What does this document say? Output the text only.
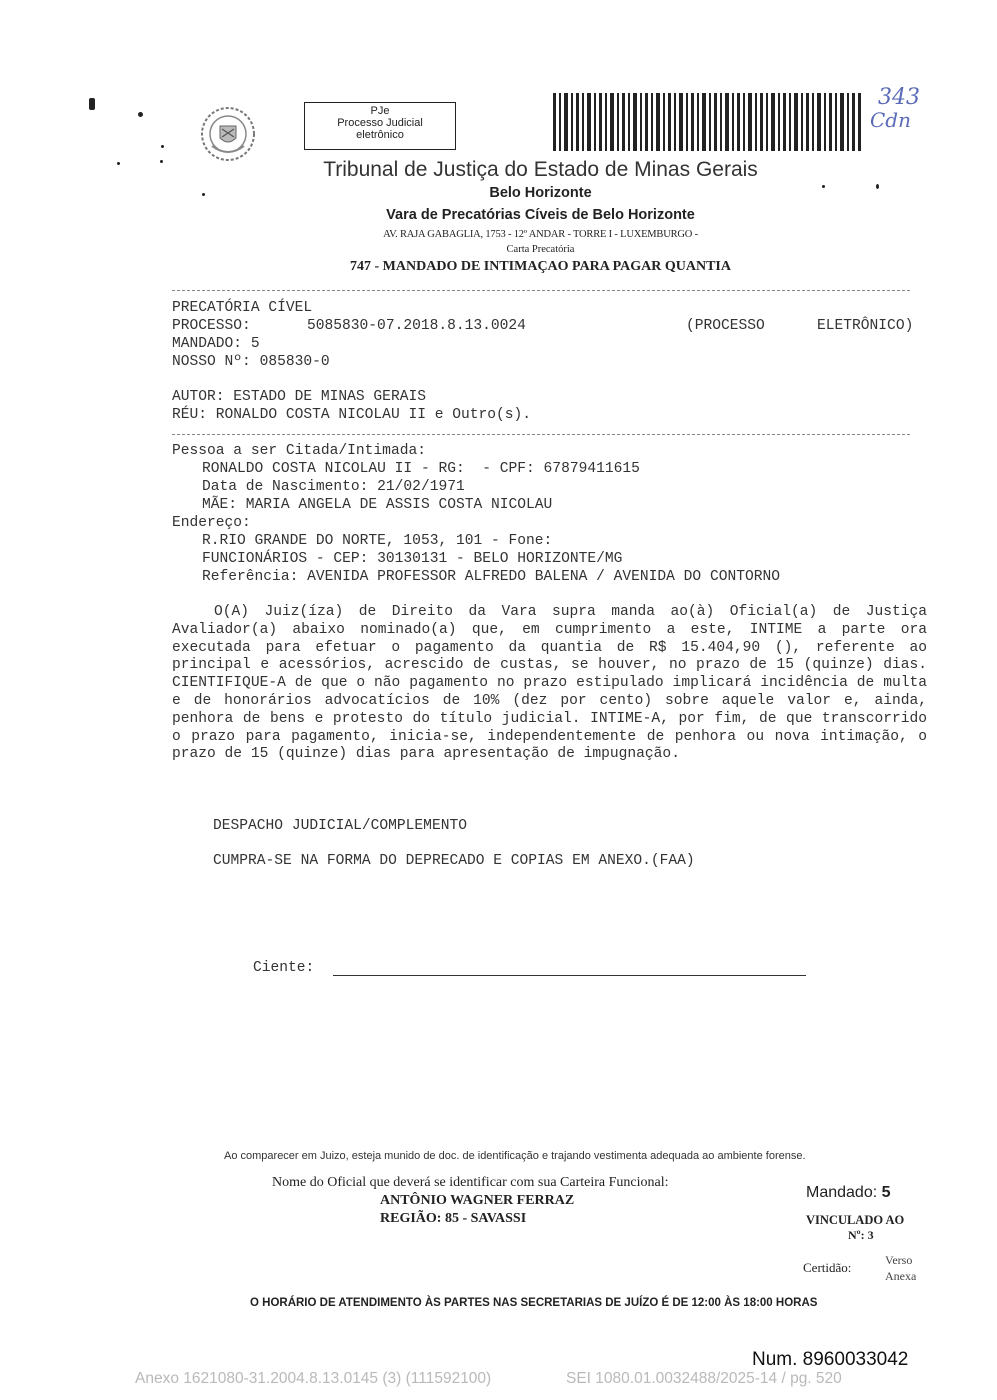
PJe
Processo Judicial
eletrônico
343
Cdn
Tribunal de Justiça do Estado de Minas Gerais
Belo Horizonte
Vara de Precatórias Cíveis de Belo Horizonte
AV. RAJA GABAGLIA, 1753 - 12º ANDAR - TORRE I - LUXEMBURGO -
Carta Precatória
747 - MANDADO DE INTIMAÇAO PARA PAGAR QUANTIA
PRECATÓRIA CÍVEL
PROCESSO:	5085830-07.2018.8.13.0024	(PROCESSO	ELETRÔNICO)
MANDADO: 5
NOSSO Nº: 085830-0
AUTOR: ESTADO DE MINAS GERAIS
RÉU: RONALDO COSTA NICOLAU II e Outro(s).
Pessoa a ser Citada/Intimada:
RONALDO COSTA NICOLAU II - RG:  - CPF: 67879411615
Data de Nascimento: 21/02/1971
MÃE: MARIA ANGELA DE ASSIS COSTA NICOLAU
Endereço:
R.RIO GRANDE DO NORTE, 1053, 101 - Fone:
FUNCIONÁRIOS - CEP: 30130131 - BELO HORIZONTE/MG
Referência: AVENIDA PROFESSOR ALFREDO BALENA / AVENIDA DO CONTORNO
O(A) Juiz(íza) de Direito da Vara supra manda ao(à) Oficial(a) de Justiça Avaliador(a) abaixo nominado(a) que, em cumprimento a este, INTIME a parte ora executada para efetuar o pagamento da quantia de R$ 15.404,90 (), referente ao principal e acessórios, acrescido de custas, se houver, no prazo de 15 (quinze) dias. CIENTIFIQUE-A de que o não pagamento no prazo estipulado implicará incidência de multa e de honorários advocatícios de 10% (dez por cento) sobre aquele valor e, ainda, penhora de bens e protesto do título judicial. INTIME-A, por fim, de que transcorrido o prazo para pagamento, inicia-se, independentemente de penhora ou nova intimação, o prazo de 15 (quinze) dias para apresentação de impugnação.
DESPACHO JUDICIAL/COMPLEMENTO
CUMPRA-SE NA FORMA DO DEPRECADO E COPIAS EM ANEXO.(FAA)
Ciente:
Ao comparecer em Juizo, esteja munido de doc. de identificação e trajando vestimenta adequada ao ambiente forense.
Nome do Oficial que deverá se identificar com sua Carteira Funcional:
ANTÔNIO WAGNER FERRAZ
REGIÃO: 85 - SAVASSI
Mandado: 5
VINCULADO AO
Nº: 3
Certidão:	Verso
Anexa
O HORÁRIO DE ATENDIMENTO ÀS PARTES NAS SECRETARIAS DE JUÍZO É DE 12:00 ÀS 18:00 HORAS
Num. 8960033042
Anexo 1621080-31.2004.8.13.0145 (3) (111592100)	SEI 1080.01.0032488/2025-14 / pg. 520
